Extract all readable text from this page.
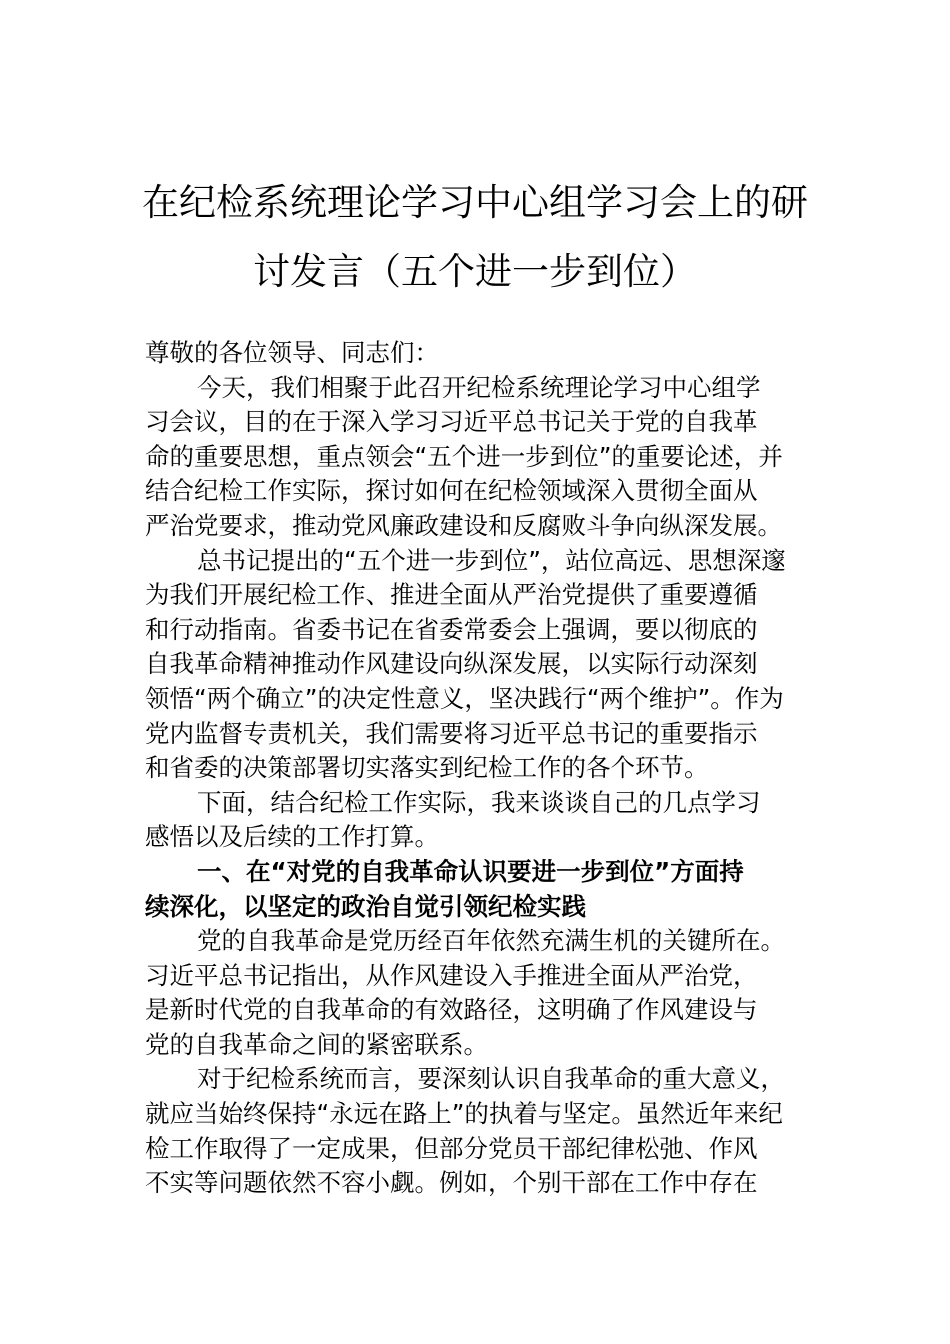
在纪检系统理论学习中心组学习会上的研
讨发言（五个进一步到位）
尊敬的各位领导、同志们：
今天，我们相聚于此召开纪检系统理论学习中心组学
习会议，目的在于深入学习习近平总书记关于党的自我革
命的重要思想，重点领会“五个进一步到位”的重要论述，并
结合纪检工作实际，探讨如何在纪检领域深入贯彻全面从
严治党要求，推动党风廉政建设和反腐败斗争向纵深发展。
总书记提出的“五个进一步到位”，站位高远、思想深邃
为我们开展纪检工作、推进全面从严治党提供了重要遵循
和行动指南。省委书记在省委常委会上强调，要以彻底的
自我革命精神推动作风建设向纵深发展，以实际行动深刻
领悟“两个确立”的决定性意义，坚决践行“两个维护”。作为
党内监督专责机关，我们需要将习近平总书记的重要指示
和省委的决策部署切实落实到纪检工作的各个环节。
下面，结合纪检工作实际，我来谈谈自己的几点学习
感悟以及后续的工作打算。
一、在“对党的自我革命认识要进一步到位”方面持
续深化，以坚定的政治自觉引领纪检实践
党的自我革命是党历经百年依然充满生机的关键所在。
习近平总书记指出，从作风建设入手推进全面从严治党，
是新时代党的自我革命的有效路径，这明确了作风建设与
党的自我革命之间的紧密联系。
对于纪检系统而言，要深刻认识自我革命的重大意义，
就应当始终保持“永远在路上”的执着与坚定。虽然近年来纪
检工作取得了一定成果，但部分党员干部纪律松弛、作风
不实等问题依然不容小觑。例如，个别干部在工作中存在
